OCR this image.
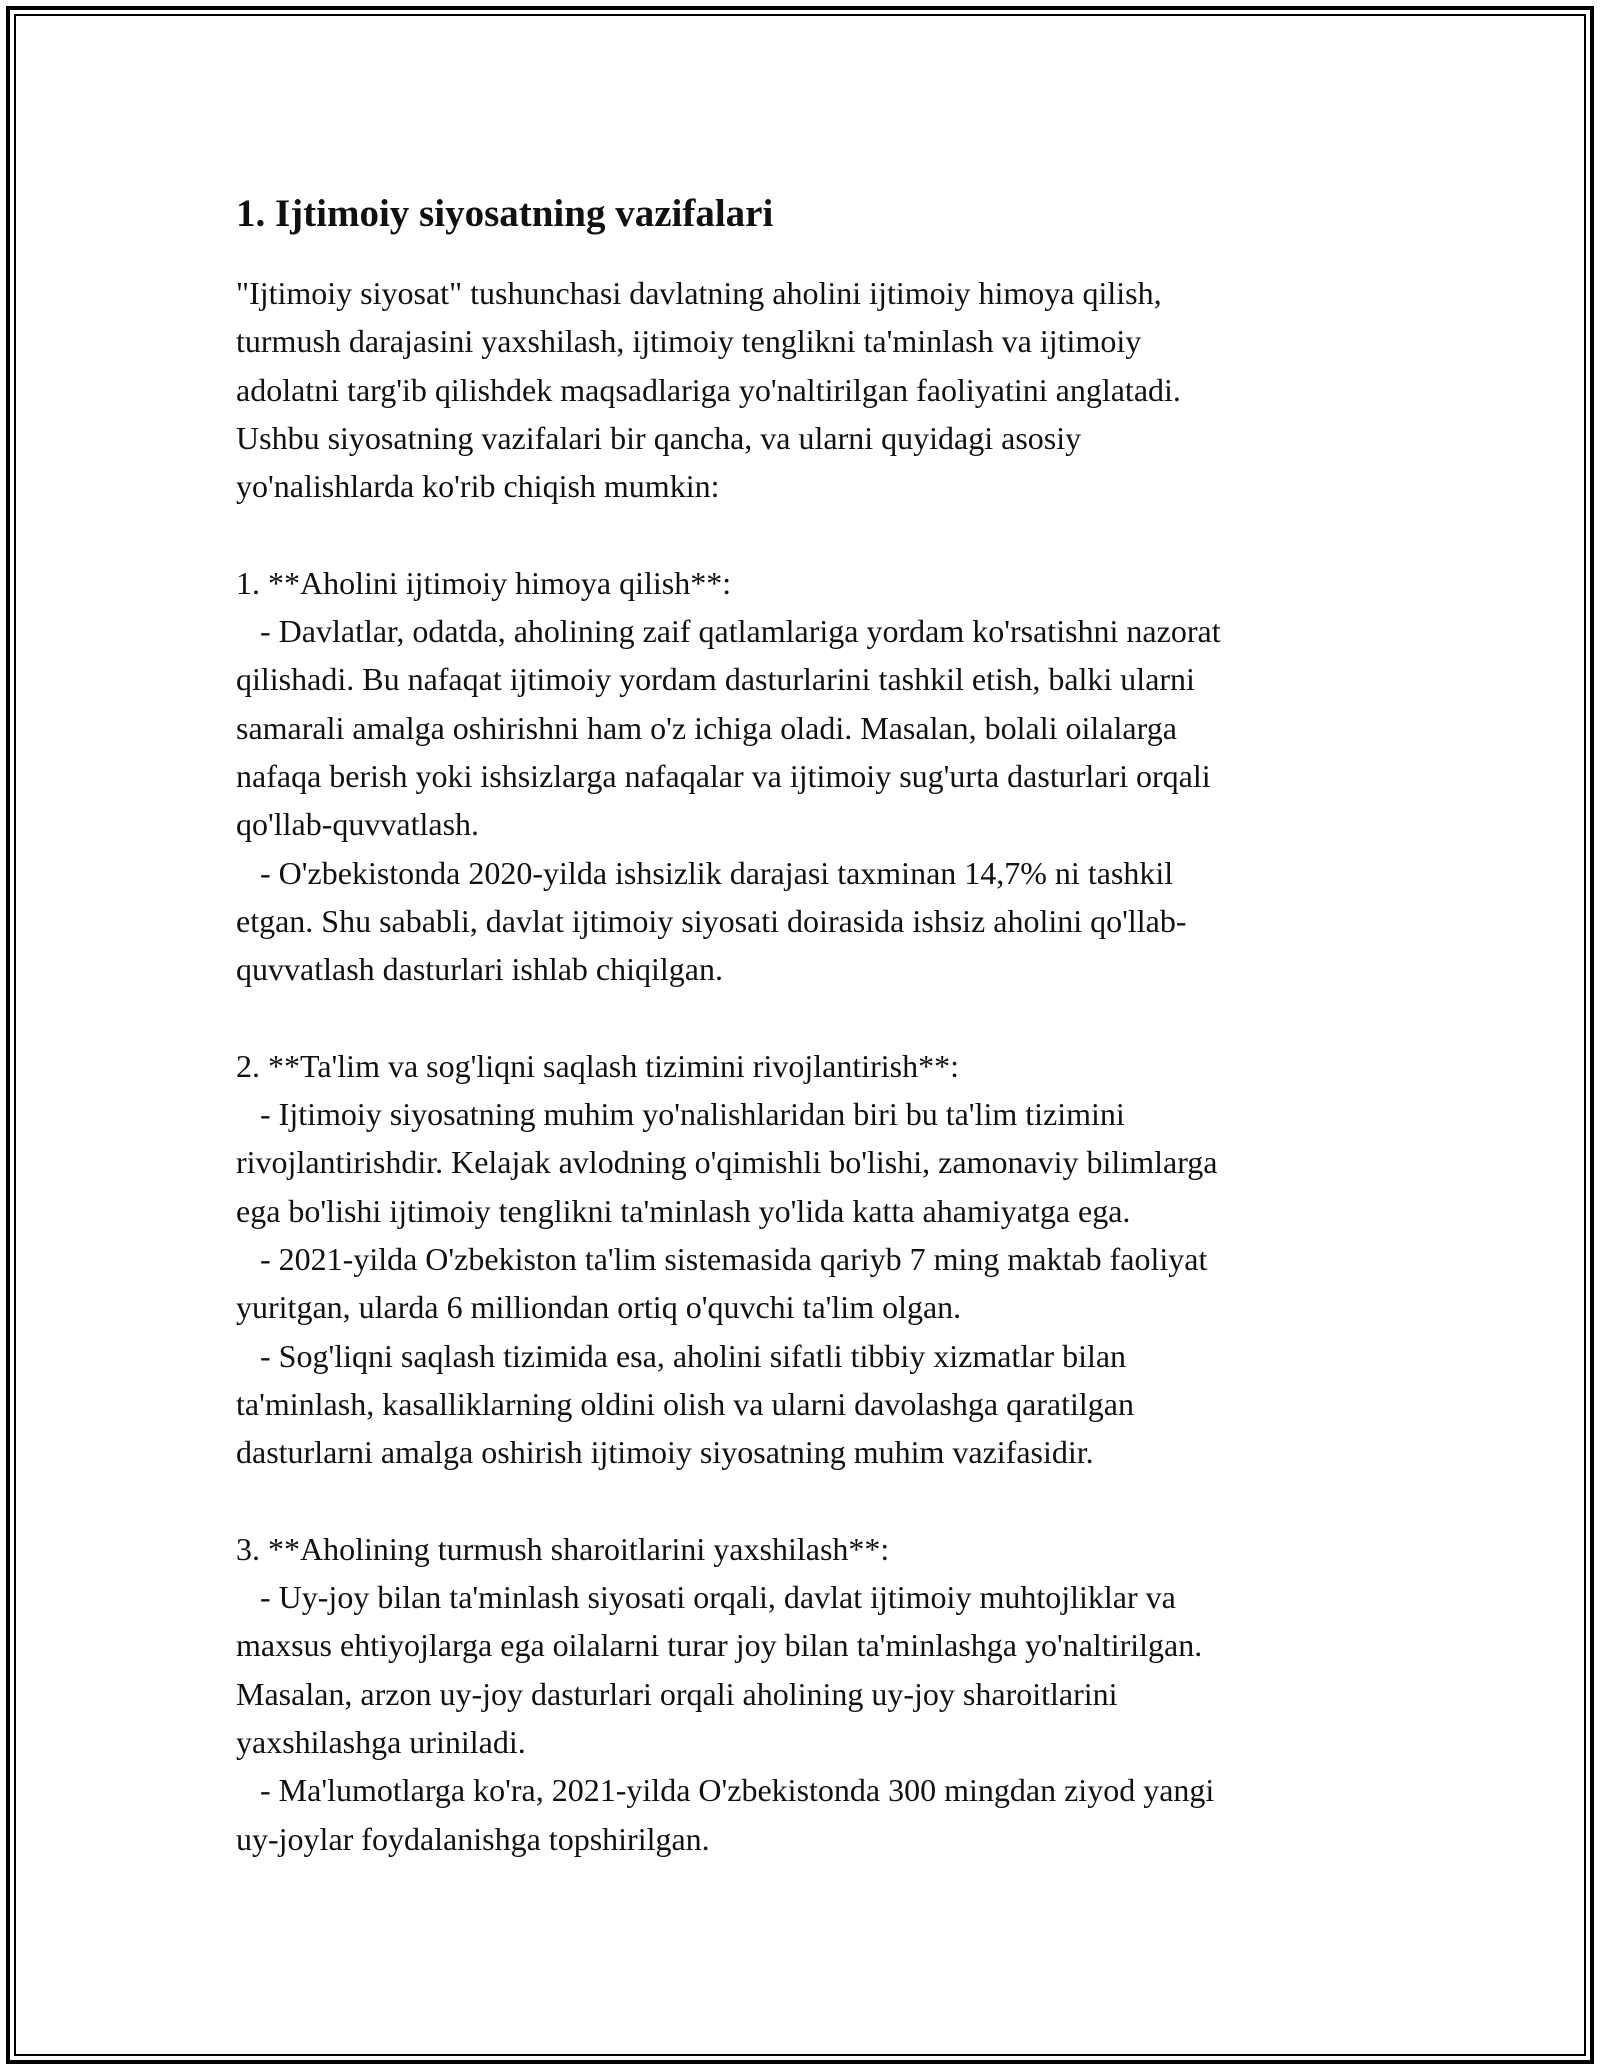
1. Ijtimoiy siyosatning vazifalari

"Ijtimoiy siyosat" tushunchasi davlatning aholini ijtimoiy himoya qilish,
turmush darajasini yaxshilash, ijtimoiy tenglikni ta'minlash va ijtimoiy
adolatni targ'ib qilishdek maqsadlariga yo'naltirilgan faoliyatini anglatadi.
Ushbu siyosatning vazifalari bir qancha, va ularni quyidagi asosiy
yo'nalishlarda ko'rib chiqish mumkin:

1. **Aholini ijtimoiy himoya qilish**:
- Davlatlar, odatda, aholining zaif qatlamlariga yordam ko'rsatishni nazorat
qilishadi. Bu nafaqat ijtimoiy yordam dasturlarini tashkil etish, balki ularni
samarali amalga oshirishni ham o'z ichiga oladi. Masalan, bolali oilalarga
nafaqa berish yoki ishsizlarga nafaqalar va ijtimoiy sug'urta dasturlari orqali
qo'llab-quvvatlash.
- O'zbekistonda 2020-yilda ishsizlik darajasi taxminan 14,7% ni tashkil
etgan. Shu sababli, davlat ijtimoiy siyosati doirasida ishsiz aholini qo'llab-
quvvatlash dasturlari ishlab chiqilgan.

2. **Ta'lim va sog'liqni saqlash tizimini rivojlantirish**:
- Ijtimoiy siyosatning muhim yo'nalishlaridan biri bu ta'lim tizimini
rivojlantirishdir. Kelajak avlodning o'qimishli bo'lishi, zamonaviy bilimlarga
ega bo'lishi ijtimoiy tenglikni ta'minlash yo'lida katta ahamiyatga ega.
- 2021-yilda O'zbekiston ta'lim sistemasida qariyb 7 ming maktab faoliyat
yuritgan, ularda 6 milliondan ortiq o'quvchi ta'lim olgan.
- Sog'liqni saqlash tizimida esa, aholini sifatli tibbiy xizmatlar bilan
ta'minlash, kasalliklarning oldini olish va ularni davolashga qaratilgan
dasturlarni amalga oshirish ijtimoiy siyosatning muhim vazifasidir.

3. **Aholining turmush sharoitlarini yaxshilash**:
- Uy-joy bilan ta'minlash siyosati orqali, davlat ijtimoiy muhtojliklar va
maxsus ehtiyojlarga ega oilalarni turar joy bilan ta'minlashga yo'naltirilgan.
Masalan, arzon uy-joy dasturlari orqali aholining uy-joy sharoitlarini
yaxshilashga uriniladi.
- Ma'lumotlarga ko'ra, 2021-yilda O'zbekistonda 300 mingdan ziyod yangi
uy-joylar foydalanishga topshirilgan.
